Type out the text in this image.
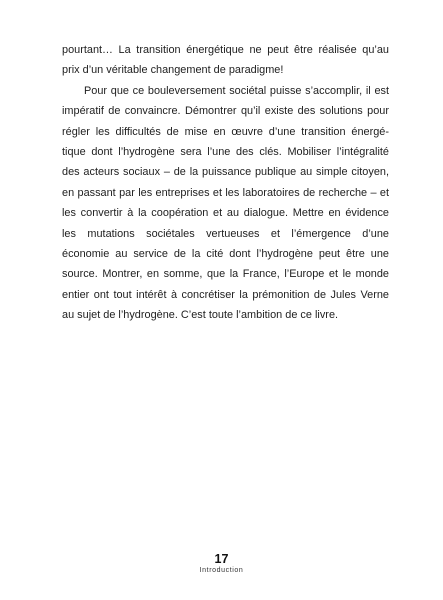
pourtant… La transition énergétique ne peut être réalisée qu’au
prix d’un véritable changement de paradigme!
Pour que ce bouleversement sociétal puisse s’accomplir, il est
impératif de convaincre. Démontrer qu’il existe des solutions pour
régler les difficultés de mise en œuvre d’une transition énergé-
tique dont l’hydrogène sera l’une des clés. Mobiliser l’intégralité
des acteurs sociaux – de la puissance publique au simple citoyen,
en passant par les entreprises et les laboratoires de recherche – et
les convertir à la coopération et au dialogue. Mettre en évidence
les mutations sociétales vertueuses et l’émergence d’une
économie au service de la cité dont l’hydrogène peut être une
source. Montrer, en somme, que la France, l’Europe et le monde
entier ont tout intérêt à concrétiser la prémonition de Jules Verne
au sujet de l’hydrogène. C’est toute l’ambition de ce livre.
17
Introduction
